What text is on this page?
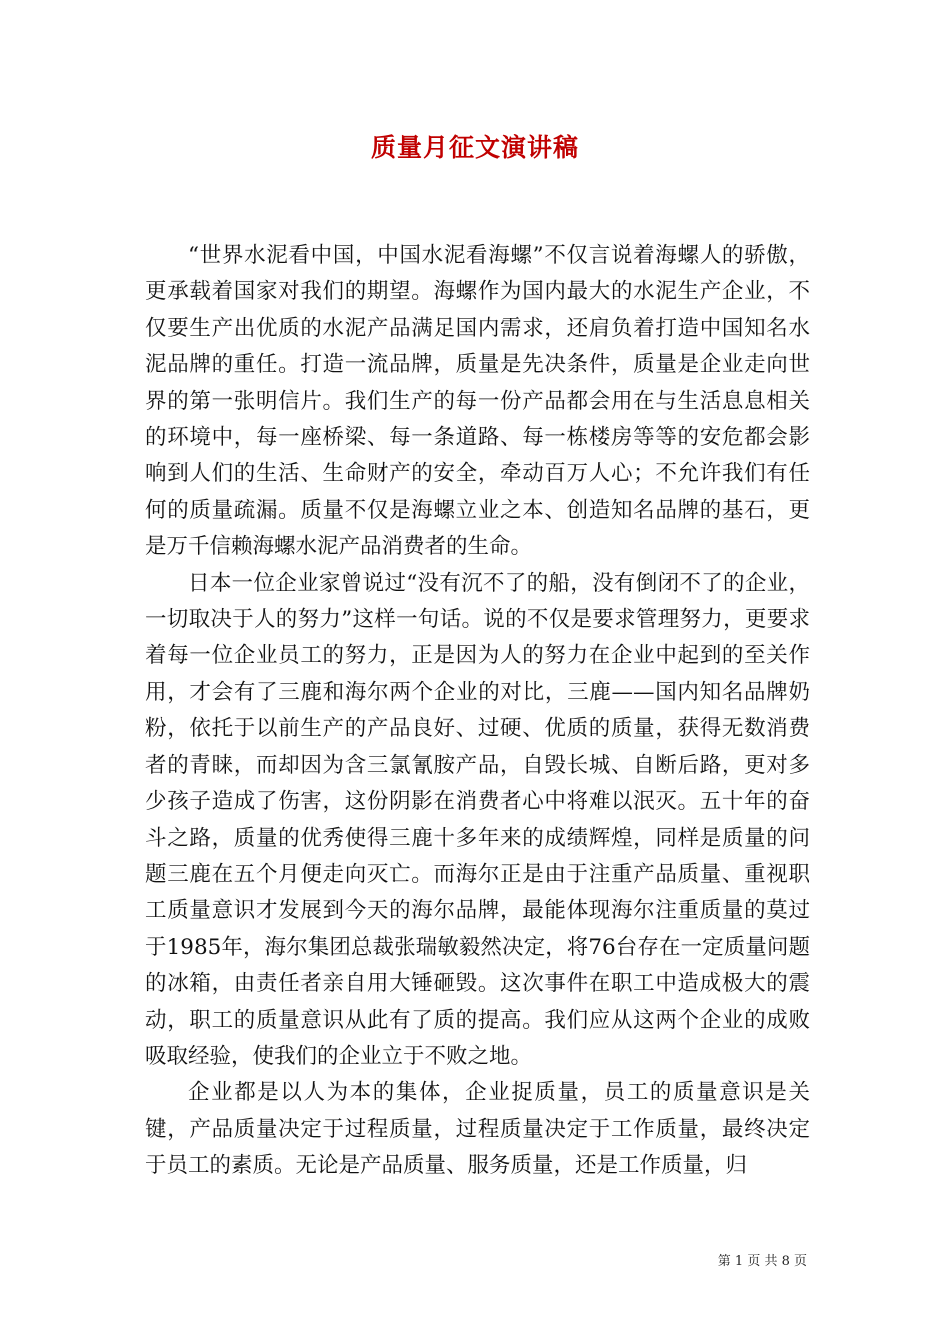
质量月征文演讲稿

“世界水泥看中国，中国水泥看海螺”不仅言说着海螺人的骄傲，更承载着国家对我们的期望。海螺作为国内最大的水泥生产企业，不仅要生产出优质的水泥产品满足国内需求，还肩负着打造中国知名水泥品牌的重任。打造一流品牌，质量是先决条件，质量是企业走向世界的第一张明信片。我们生产的每一份产品都会用在与生活息息相关的环境中，每一座桥梁、每一条道路、每一栋楼房等等的安危都会影响到人们的生活、生命财产的安全，牵动百万人心；不允许我们有任何的质量疏漏。质量不仅是海螺立业之本、创造知名品牌的基石，更是万千信赖海螺水泥产品消费者的生命。

日本一位企业家曾说过“没有沉不了的船，没有倒闭不了的企业，一切取决于人的努力”这样一句话。说的不仅是要求管理努力，更要求着每一位企业员工的努力，正是因为人的努力在企业中起到的至关作用，才会有了三鹿和海尔两个企业的对比，三鹿——国内知名品牌奶粉，依托于以前生产的产品良好、过硬、优质的质量，获得无数消费者的青睐，而却因为含三氯氰胺产品，自毁长城、自断后路，更对多少孩子造成了伤害，这份阴影在消费者心中将难以泯灭。五十年的奋斗之路，质量的优秀使得三鹿十多年来的成绩辉煌，同样是质量的问题三鹿在五个月便走向灭亡。而海尔正是由于注重产品质量、重视职工质量意识才发展到今天的海尔品牌，最能体现海尔注重质量的莫过于1985年，海尔集团总裁张瑞敏毅然决定，将76台存在一定质量问题的冰箱，由责任者亲自用大锤砸毁。这次事件在职工中造成极大的震动，职工的质量意识从此有了质的提高。我们应从这两个企业的成败吸取经验，使我们的企业立于不败之地。

企业都是以人为本的集体，企业捉质量，员工的质量意识是关键，产品质量决定于过程质量，过程质量决定于工作质量，最终决定于员工的素质。无论是产品质量、服务质量，还是工作质量，归

第 1 页 共 8 页
